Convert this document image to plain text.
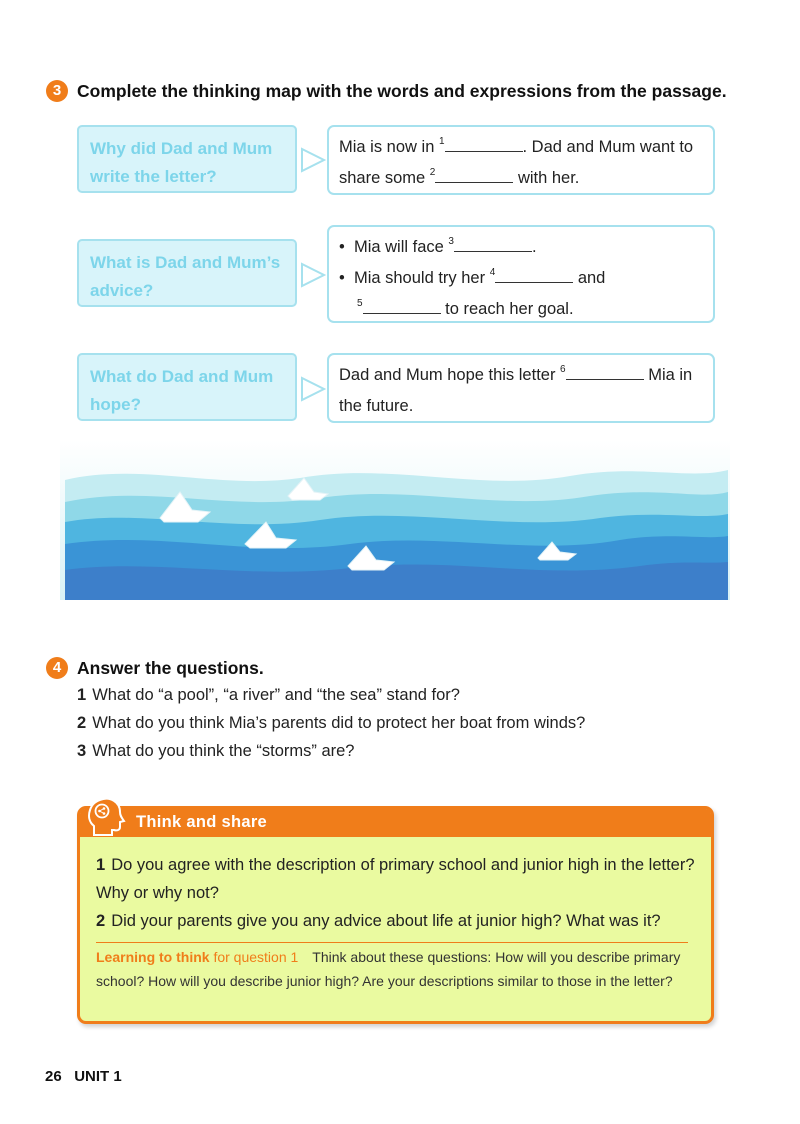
3 Complete the thinking map with the words and expressions from the passage.
Why did Dad and Mum write the letter?
Mia is now in $^1$	. Dad and Mum want to share some $^2$	with her.
What is Dad and Mum’s advice?
• Mia will face $^3$	.
• Mia should try her $^4$	and
$^5$	to reach her goal.
What do Dad and Mum hope?
Dad and Mum hope this letter $^6$	Mia in the future.
4 Answer the questions.
1 What do “a pool”, “a river” and “the sea” stand for?
2 What do you think Mia’s parents did to protect her boat from winds?
3 What do you think the “storms” are?
Think and share
1 Do you agree with the description of primary school and junior high in the letter? Why or why not?
2 Did your parents give you any advice about life at junior high? What was it?
Learning to think for question 1 Think about these questions: How will you describe primary school? How will you describe junior high? Are your descriptions similar to those in the letter?
26 UNIT 1
